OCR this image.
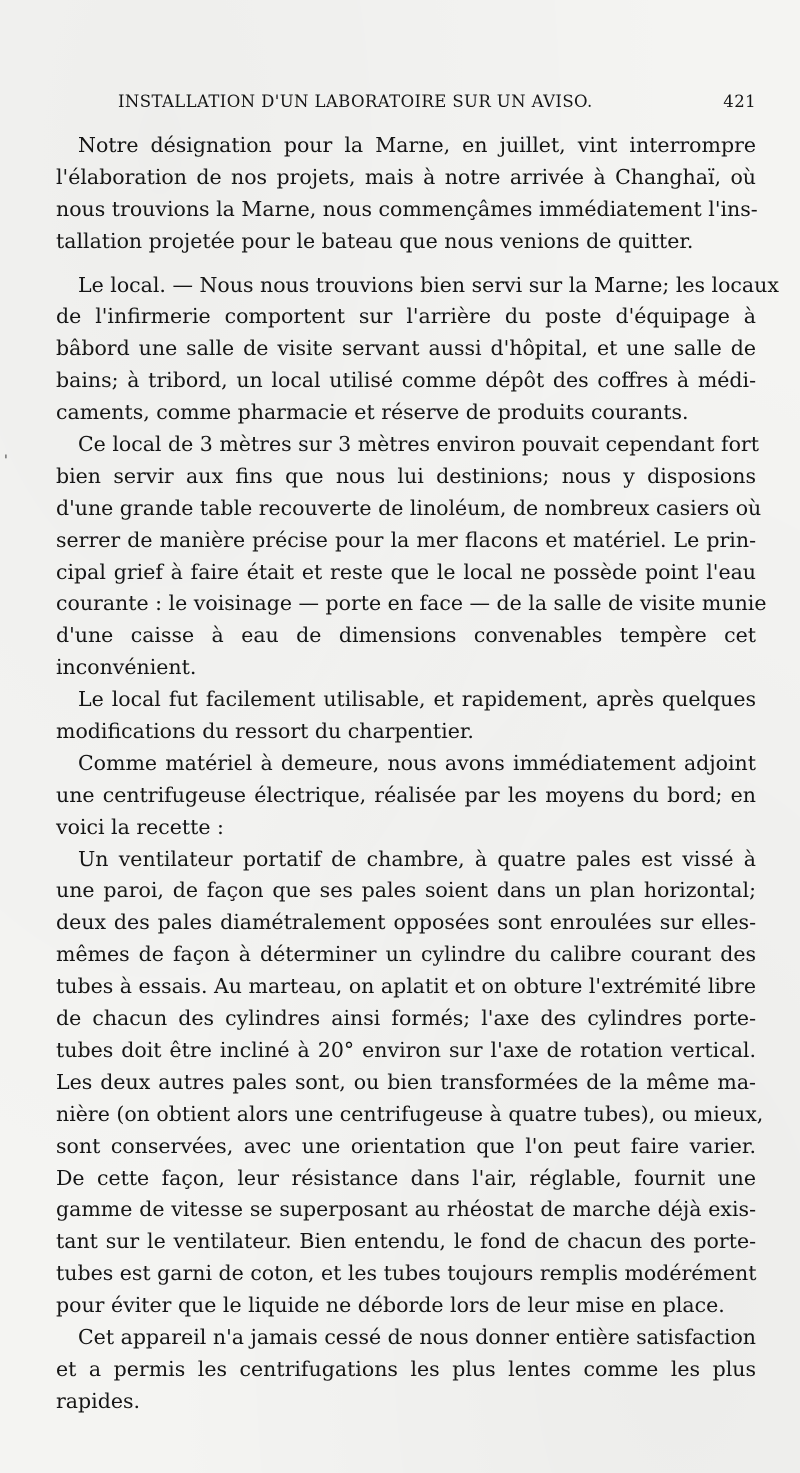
INSTALLATION D'UN LABORATOIRE SUR UN AVISO.	421
'
Notre désignation pour la Marne, en juillet, vint interrompre
l'élaboration de nos projets, mais à notre arrivée à Changhaï, où
nous trouvions la Marne, nous commençâmes immédiatement l'ins-
tallation projetée pour le bateau que nous venions de quitter.
Le local. — Nous nous trouvions bien servi sur la Marne; les locaux
de l'infirmerie comportent sur l'arrière du poste d'équipage à
bâbord une salle de visite servant aussi d'hôpital, et une salle de
bains; à tribord, un local utilisé comme dépôt des coffres à médi-
caments, comme pharmacie et réserve de produits courants.
Ce local de 3 mètres sur 3 mètres environ pouvait cependant fort
bien servir aux fins que nous lui destinions; nous y disposions
d'une grande table recouverte de linoléum, de nombreux casiers où
serrer de manière précise pour la mer flacons et matériel. Le prin-
cipal grief à faire était et reste que le local ne possède point l'eau
courante : le voisinage — porte en face — de la salle de visite munie
d'une caisse à eau de dimensions convenables tempère cet
inconvénient.
Le local fut facilement utilisable, et rapidement, après quelques
modifications du ressort du charpentier.
Comme matériel à demeure, nous avons immédiatement adjoint
une centrifugeuse électrique, réalisée par les moyens du bord; en
voici la recette :
Un ventilateur portatif de chambre, à quatre pales est vissé à
une paroi, de façon que ses pales soient dans un plan horizontal;
deux des pales diamétralement opposées sont enroulées sur elles-
mêmes de façon à déterminer un cylindre du calibre courant des
tubes à essais. Au marteau, on aplatit et on obture l'extrémité libre
de chacun des cylindres ainsi formés; l'axe des cylindres porte-
tubes doit être incliné à 20° environ sur l'axe de rotation vertical.
Les deux autres pales sont, ou bien transformées de la même ma-
nière (on obtient alors une centrifugeuse à quatre tubes), ou mieux,
sont conservées, avec une orientation que l'on peut faire varier.
De cette façon, leur résistance dans l'air, réglable, fournit une
gamme de vitesse se superposant au rhéostat de marche déjà exis-
tant sur le ventilateur. Bien entendu, le fond de chacun des porte-
tubes est garni de coton, et les tubes toujours remplis modérément
pour éviter que le liquide ne déborde lors de leur mise en place.
Cet appareil n'a jamais cessé de nous donner entière satisfaction
et a permis les centrifugations les plus lentes comme les plus
rapides.
